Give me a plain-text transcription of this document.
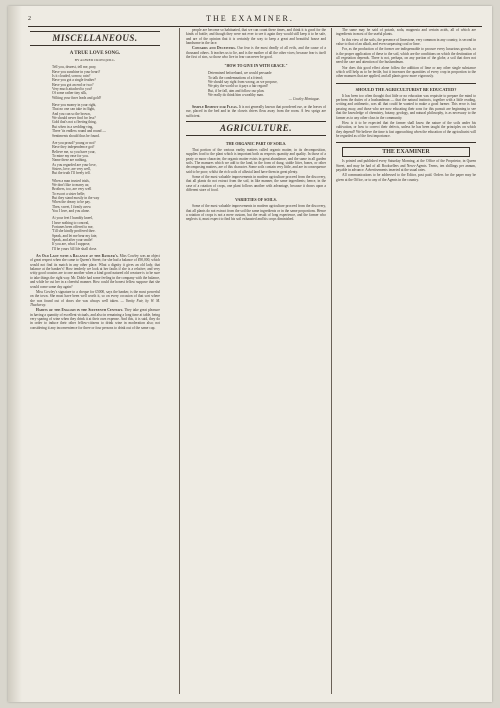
2	THE EXAMINER.
MISCELLANEOUS.
A TRUE LOVE SONG.
BY ALFRED CROWQUILL.
Tell you, dearest, tell me, pray,
Have you sunshine in your heart?
Is it clouded, sorrow, rain?
Have you got a single feather?
Have you got an end or two?
Very much attached to you?
Of some rather tiny silk,
Wilting your finer leads and gold?
Have you money in your right,
That no one can take in flight,
And you can so the brown,
We should never find for less?
Gold that's not a fleeting thing,
But when in a wedding-ring,
There 'tis endless round and round —
Sentiments should thus be found.
Are you proud? young or not?
Have they independence got?
Believe me, so you have your,
To mine my ease for you.
Name these are nothing,
As you regarded are your love,
Sisters, love, are very well,
But the truth I'll freely tell.
When a man trusted trials,
We don't like to marry us;
Brothers, too, are very well
To escort a sister belle;
But they stand mostly in the way
When the dreary to be pay.
Then, sweet, I firmly avow
You I love, and you alone.
At your feet I humbly kneel,
I have nothing to conceal,
Fortunes been offered to me,
'Till she kindly proffered thee.
Speak, and let me bear my fate,
Speak, and after your smile!
If you are, what I suppose,
I'll be yours 'till life shall close.

An Old Lady with a Balance at the Banker's. Miss Cowley was an object of great respect when she came to Queen's Street; for she had a balance of £90,000, which would not find its match in any other place. What a dignity it gives an old lady, that balance at the banker's! How tenderly we look at her faults if she is a relative; and very witty good cousins are to one another when a kind good natured old creature is to be sure to take things the right way. Mr. Doble had some feeling in the company with the balance, and while he cut her in a cheerful manner. How could the honest fellow suppose that she would come some day again?

Miss Cowley's signature to a cheque for £5000, says the banker, is the most powerful on the town. She must have been well worth it, so on every occasion of that sort where she was found out of doors she was always well taken. — Vanity Fair, by W. M. Thackeray.

Habits of the English in the Sixteenth Century. They take great pleasure in having a quantity of excellent victuals, and also in remaining a long time at table, being very sparing of wine when they drink it at their own expense. And this, it is said, they do in order to induce their other fellow-citizens to drink wine in moderation also; not considering it any inconvenience for three or four persons to drink out of the same cup.

people are become so habituated, that we can count these times, and think it is good for the kinds of bottle; and though they were not ever to see it again they would still keep it to be safe, and are of the opinion that it is certainly the way to keep a great and beautiful house and handsome in the face.

Cowards and Deceivers. Our fear is the most deadly of all evils, and the cause of a thousand others. It teaches us to lie, and is the mother of all the other vices; because fear is itself the first of sins, so those who live in fear can never be good.

"HOW TO GIVE IN WITH GRACE."
Determined beforehand, we would persuade
To talk the condemnations of a friend;
We should say right from wrong, as we propose,
We pity the world so it pays a fair regard!
But, if he fall, aim and follow our plan.
We really do think him a wealthy man.
— Cowley Montague.

Simple Remedy for Fleas. It is not generally known that powdered rue, or the leaves of rue, placed in the bed and in the closets drives fleas away from the room. A few sprigs are sufficient.

AGRICULTURE.
THE ORGANIC PART OF SOILS.

That portion of the various earthy matters called organic matter, in its decomposition, supplies food to the plant which is important both as respects quantity and quality. In those of a peaty or moor character, the organic matter exists in great abundance, and the same in all garden soils. The manures which we add to the land, in the form of dung, stable litter, bones, or other decomposing matters, are of this character. Some soils contain very little, and are in consequence said to be poor; whilst the rich soils of alluvial land have them in great plenty.

Some of the most valuable improvements in modern agriculture proceed from the discovery, that all plants do not extract from the soil, in like manner, the same ingredients; hence, in the case of a rotation of crops, one plant follows another with advantage, because it draws upon a different store of food.

VARIETIES OF SOILS.

Some of the most valuable improvements in modern agriculture proceed from the discovery, that all plants do not extract from the soil the same ingredients or in the same proportions. Hence a rotation of crops is not a mere custom, but the result of long experience, and the farmer who neglects it, must expect to find his soil exhausted and his crops diminished.

The same may be said of potash, soda, magnesia and certain acids, all of which are ingredients in most of the useful plants.

In this view of the soils, the presence of limestone, very common in any country, is second in value to that of an alkali, and even surpassing coal or lime.

For, as the production of the former are indispensable to procure every luxurious growth, so is the proper application of these to the soil, which are the conditions on which the destination of all vegetation depends. There is not, perhaps, on any portion of the globe, a soil that does not need the care and attention of the husbandman.

Nor does this good effect alone follow the addition of lime or any other single substance which will help us to be fertile, but it increases the quantities of every crop in proportion to the other manures that are applied, and all plants grow more vigorously.

SHOULD THE AGRICULTURIST BE EDUCATED?

It has been too often thought that little or no education was requisite to prepare the mind to perform the duties of a husbandman — that the natural instincts, together with a little reading, writing and arithmetic, was all that could be wanted to make a good farmer. This error is fast passing away, and those who are now educating their sons for this pursuit are beginning to see that the knowledge of chemistry, botany, geology, and natural philosophy, is as necessary to the farmer as to any other class in the community.

How is it to be expected that the farmer shall know the nature of the soils under his cultivation, or how to correct their defects, unless he has been taught the principles on which they depend? We believe the time is fast approaching when the education of the agriculturist will be regarded as of the first importance.

THE EXAMINER

Is printed and published every Saturday Morning, at the Office of the Proprietor, in Queen Street, and may be had of all Booksellers and News-Agents. Terms, ten shillings per annum, payable in advance. Advertisements inserted at the usual rates.

All communications to be addressed to the Editor, post paid. Orders for the paper may be given at the Office, or to any of the Agents in the country.
